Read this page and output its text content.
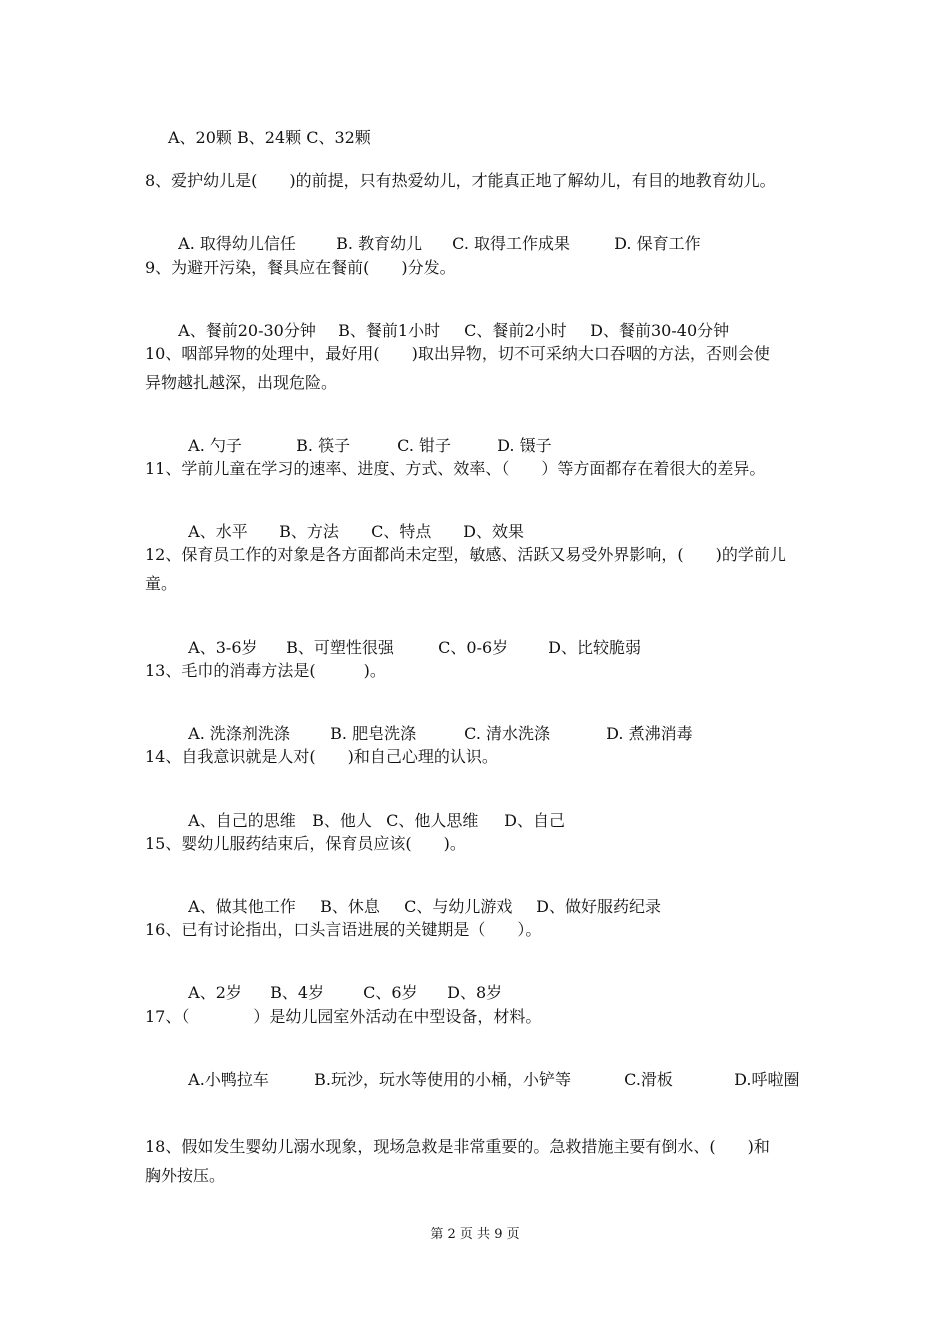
A、20颗 B、24颗 C、32颗
8、爱护幼儿是(　　)的前提，只有热爱幼儿，才能真正地了解幼儿，有目的地教育幼儿。

A. 取得幼儿信任	B. 教育幼儿 C. 取得工作成果	D. 保育工作

9、为避开污染，餐具应在餐前(　　)分发。

A、餐前20-30分钟 B、餐前1小时 C、餐前2小时 D、餐前30-40分钟

10、咽部异物的处理中，最好用(　　)取出异物，切不可采纳大口吞咽的方法，否则会使
异物越扎越深，出现危险。

A. 勺子	B. 筷子	C. 钳子	D. 镊子

11、学前儿童在学习的速率、进度、方式、效率、（　　）等方面都存在着很大的差异。

A、水平 B、方法 C、特点 D、效果

12、保育员工作的对象是各方面都尚未定型，敏感、活跃又易受外界影响，(　　)的学前儿
童。

A、3-6岁 B、可塑性很强	C、0-6岁 D、比较脆弱

13、毛巾的消毒方法是(　　　)。

A. 洗涤剂洗涤	B. 肥皂洗涤	C. 清水洗涤	D. 煮沸消毒

14、自我意识就是人对(　　)和自己心理的认识。

A、自己的思维 B、他人 C、他人思维 D、自己

15、婴幼儿服药结束后，保育员应该(　　)。

A、做其他工作 B、休息 C、与幼儿游戏 D、做好服药纪录

16、已有讨论指出，口头言语进展的关键期是（　　）。

A、2岁 B、4岁 C、6岁 D、8岁

17、（　　　　）是幼儿园室外活动在中型设备，材料。

A.小鸭拉车	B.玩沙，玩水等使用的小桶，小铲等	C.滑板	D.呼啦圈

18、假如发生婴幼儿溺水现象，现场急救是非常重要的。急救措施主要有倒水、(　　)和
胸外按压。
第 2 页 共 9 页
